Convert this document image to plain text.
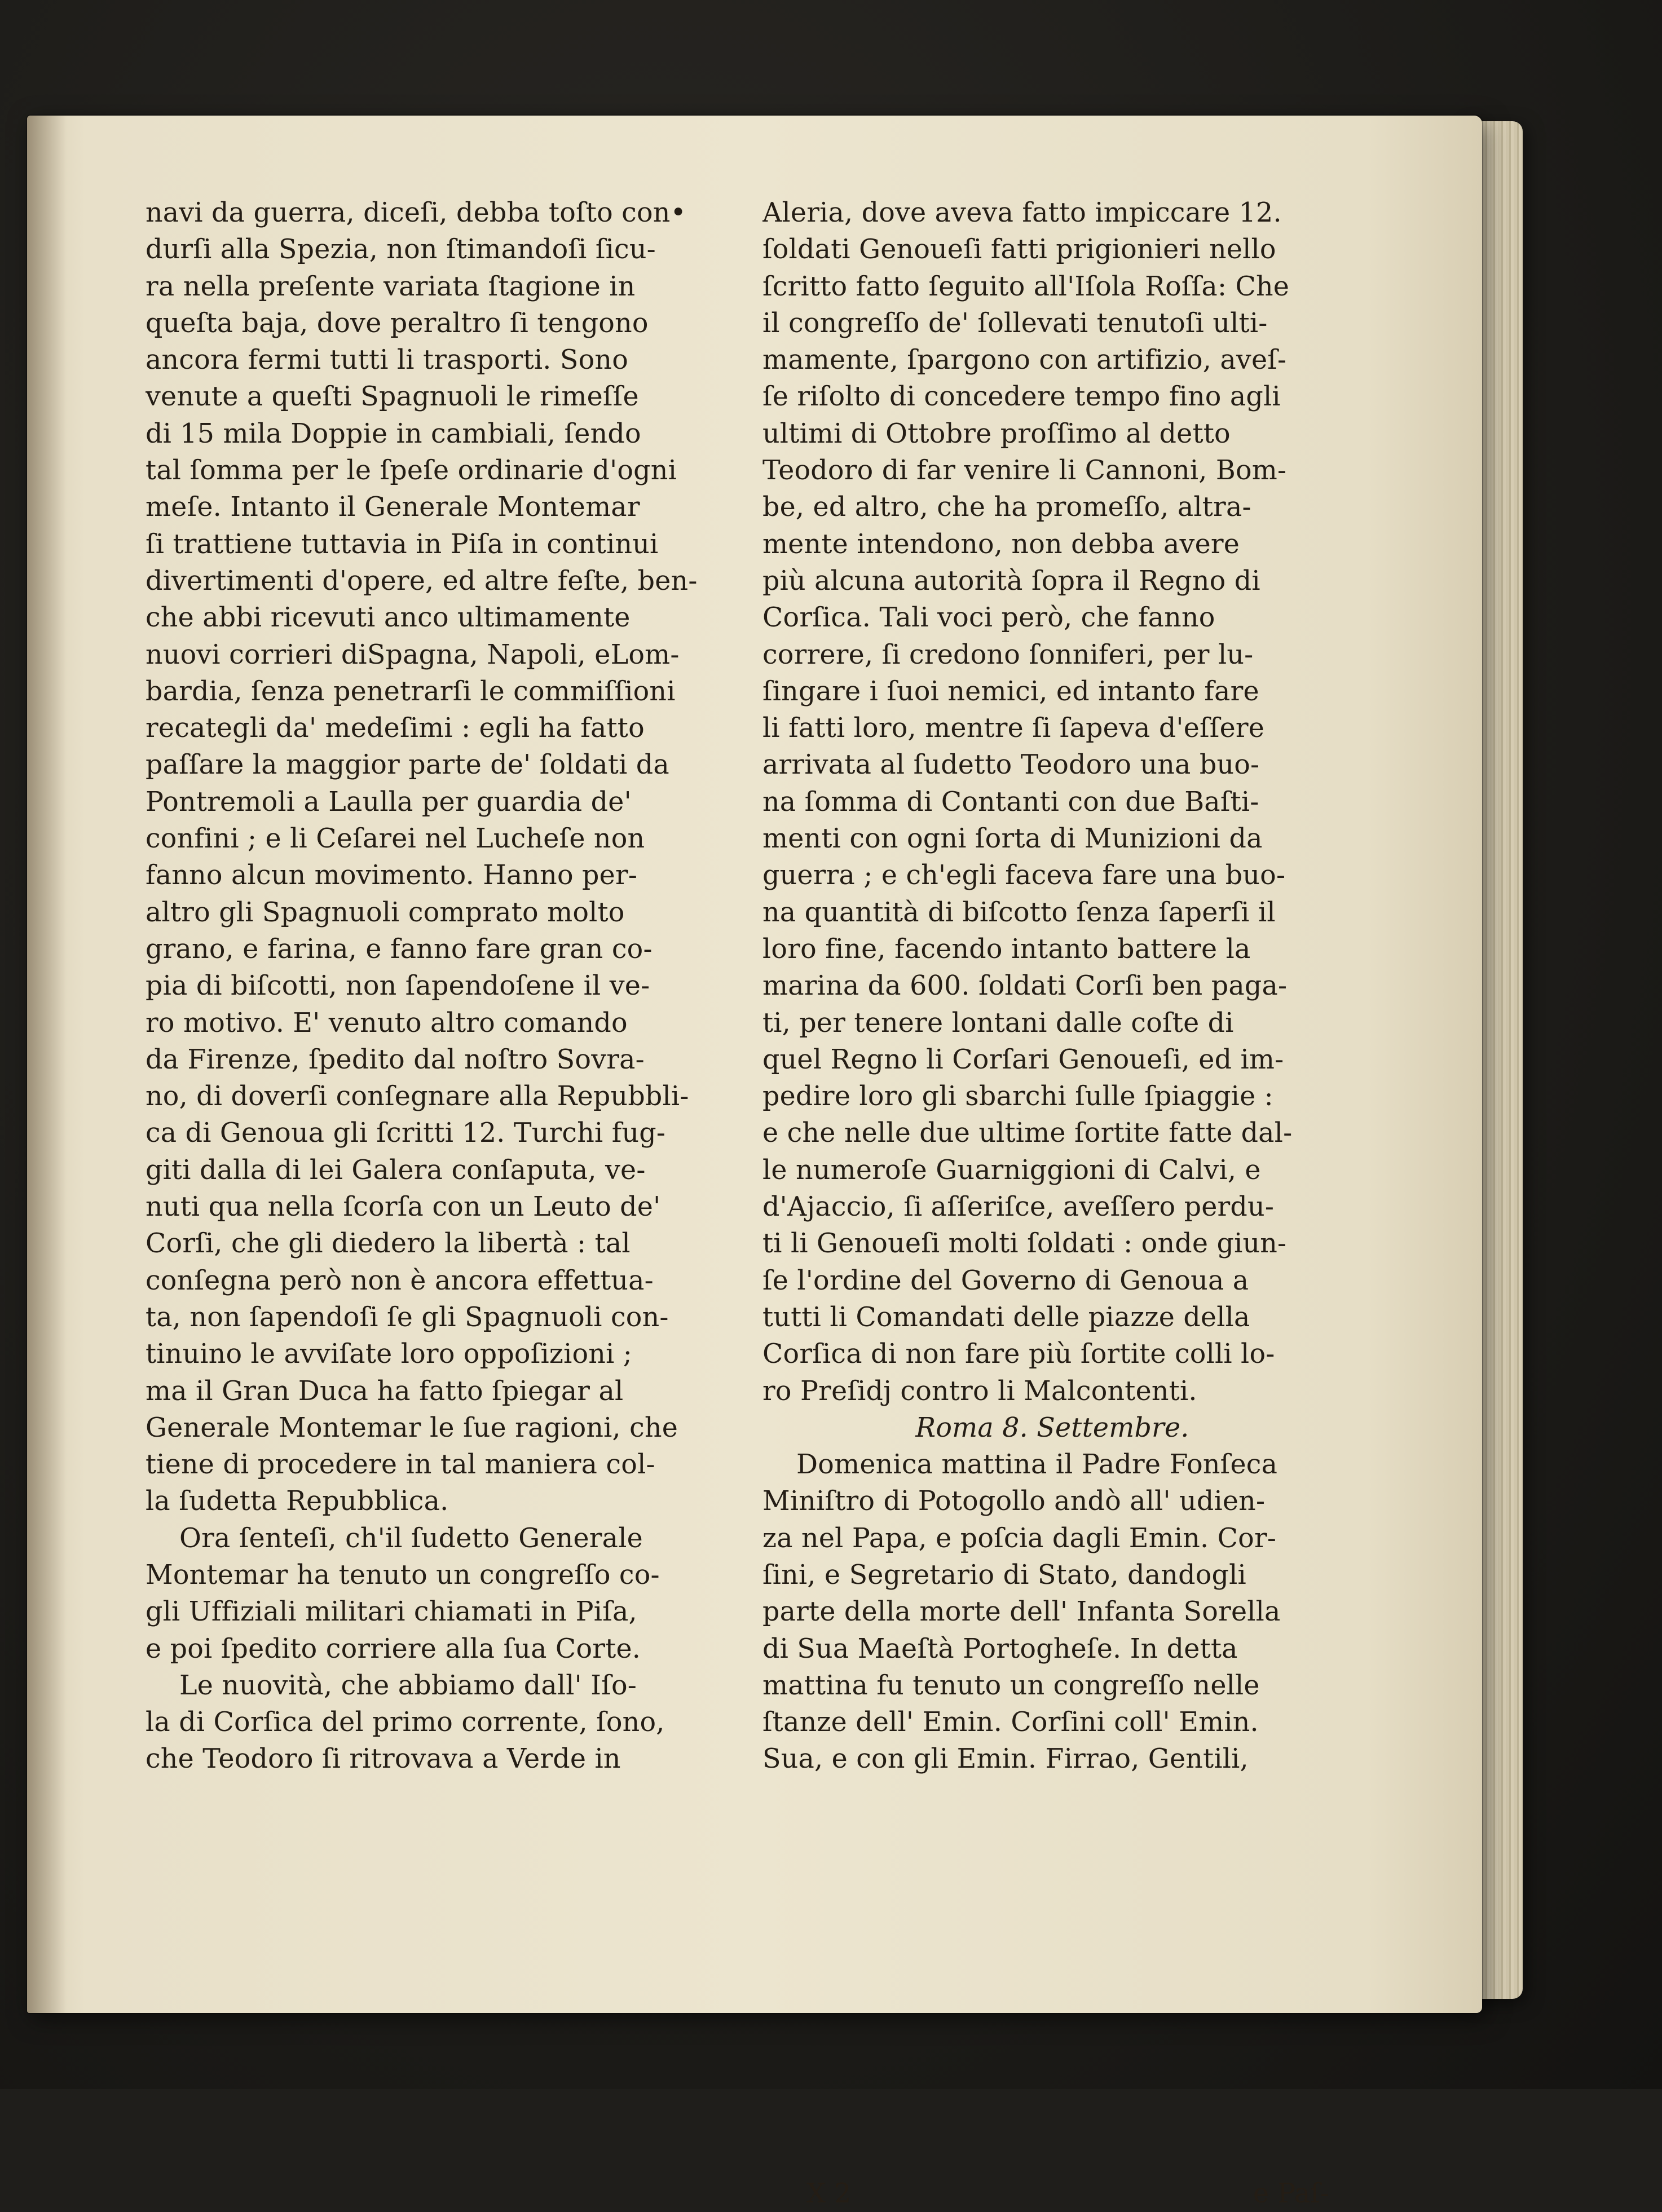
navi da guerra, diceſi, debba toſto con•
durſi alla Spezia, non ſtimandoſi ſicu-
ra nella preſente variata ſtagione in
queſta baja, dove peraltro ſi tengono
ancora fermi tutti li trasporti. Sono
venute a queſti Spagnuoli le rimeſſe
di 15 mila Doppie in cambiali, ſendo
tal ſomma per le ſpeſe ordinarie d'ogni
meſe. Intanto il Generale Montemar
ſi trattiene tuttavia in Piſa in continui
divertimenti d'opere, ed altre feſte, ben-
che abbi ricevuti anco ultimamente
nuovi corrieri diSpagna, Napoli, eLom-
bardia, ſenza penetrarſi le commiſſioni
recategli da' medeſimi : egli ha fatto
paſſare la maggior parte de' ſoldati da
Pontremoli a Laulla per guardia de'
confini ; e li Ceſarei nel Lucheſe non
fanno alcun movimento. Hanno per-
altro gli Spagnuoli comprato molto
grano, e farina, e fanno fare gran co-
pia di biſcotti, non ſapendoſene il ve-
ro motivo. E' venuto altro comando
da Firenze, ſpedito dal noſtro Sovra-
no, di doverſi conſegnare alla Repubbli-
ca di Genoua gli ſcritti 12. Turchi fug-
giti dalla di lei Galera conſaputa, ve-
nuti qua nella ſcorſa con un Leuto de'
Corſi, che gli diedero la libertà : tal
conſegna però non è ancora effettua-
ta, non ſapendoſi ſe gli Spagnuoli con-
tinuino le avviſate loro oppoſizioni ;
ma il Gran Duca ha fatto ſpiegar al
Generale Montemar le ſue ragioni, che
tiene di procedere in tal maniera col-
la ſudetta Repubblica.
Ora ſenteſi, ch'il ſudetto Generale
Montemar ha tenuto un congreſſo co-
gli Uffiziali militari chiamati in Piſa,
e poi ſpedito corriere alla ſua Corte.
Le nuovità, che abbiamo dall' Iſo-
la di Corſica del primo corrente, ſono,
che Teodoro ſi ritrovava a Verde in
Aleria, dove aveva fatto impiccare 12.
ſoldati Genoueſi fatti prigionieri nello
ſcritto fatto ſeguito all'Iſola Roſſa: Che
il congreſſo de' ſollevati tenutoſi ulti-
mamente, ſpargono con artifizio, aveſ-
ſe riſolto di concedere tempo fino agli
ultimi di Ottobre proſſimo al detto
Teodoro di far venire li Cannoni, Bom-
be, ed altro, che ha promeſſo, altra-
mente intendono, non debba avere
più alcuna autorità ſopra il Regno di
Corſica. Tali voci però, che fanno
correre, ſi credono ſonniferi, per lu-
ſingare i ſuoi nemici, ed intanto fare
li fatti loro, mentre ſi ſapeva d'eſſere
arrivata al ſudetto Teodoro una buo-
na ſomma di Contanti con due Baſti-
menti con ogni ſorta di Munizioni da
guerra ; e ch'egli faceva fare una buo-
na quantità di biſcotto ſenza ſaperſi il
loro fine, facendo intanto battere la
marina da 600. ſoldati Corſi ben paga-
ti, per tenere lontani dalle coſte di
quel Regno li Corſari Genoueſi, ed im-
pedire loro gli sbarchi ſulle ſpiaggie :
e che nelle due ultime ſortite fatte dal-
le numeroſe Guarniggioni di Calvi, e
d'Ajaccio, ſi aſſeriſce, aveſſero perdu-
ti li Genoueſi molti ſoldati : onde giun-
ſe l'ordine del Governo di Genoua a
tutti li Comandati delle piazze della
Corſica di non fare più ſortite colli lo-
ro Preſidj contro li Malcontenti.
Roma 8. Settembre.
Domenica mattina il Padre Fonſeca
Miniſtro di Potogollo andò all' udien-
za nel Papa, e poſcia dagli Emin. Cor-
ſini, e Segretario di Stato, dandogli
parte della morte dell' Infanta Sorella
di Sua Maeſtà Portogheſe. In detta
mattina fu tenuto un congreſſo nelle
ſtanze dell' Emin. Corſini coll' Emin.
Sua, e con gli Emin. Firrao, Gentili,
X 2	e Paſ-
